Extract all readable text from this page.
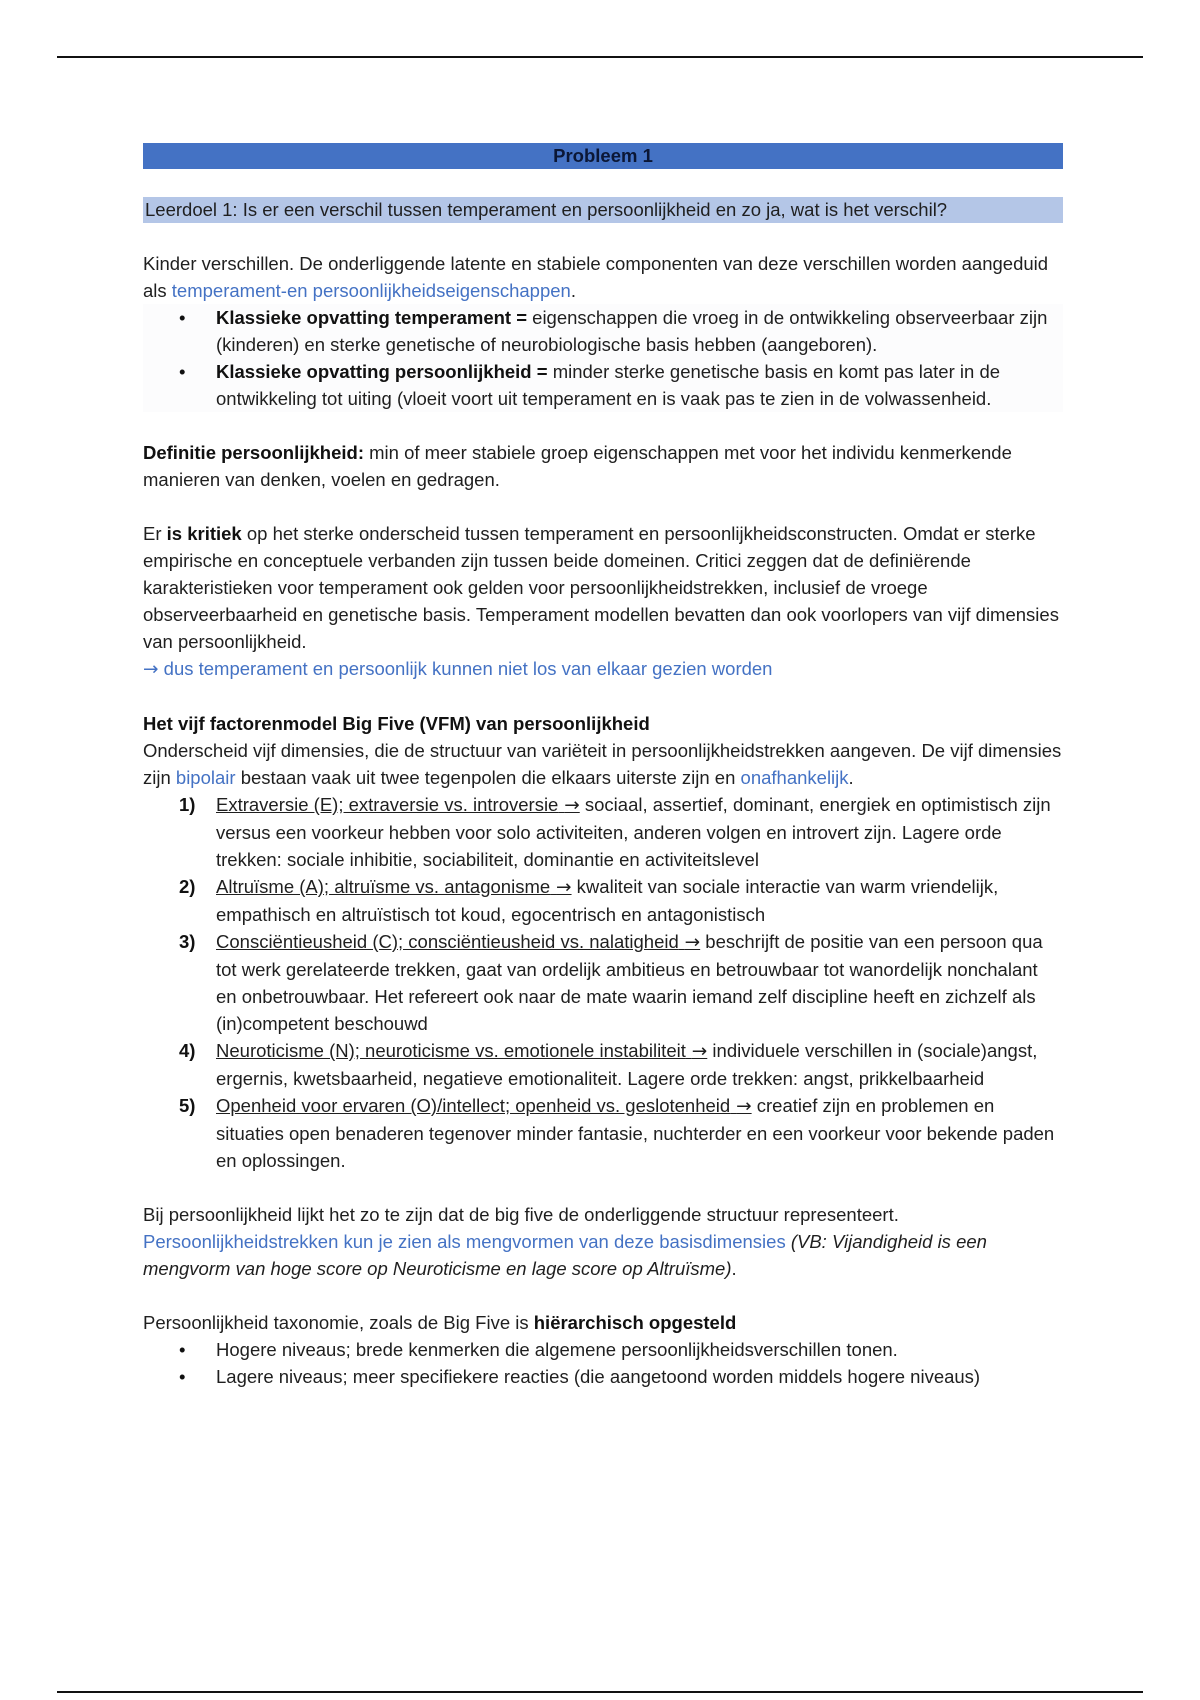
Probleem 1
Leerdoel 1: Is er een verschil tussen temperament en persoonlijkheid en zo ja, wat is het verschil?

Kinder verschillen. De onderliggende latente en stabiele componenten van deze verschillen worden aangeduid als temperament-en persoonlijkheidseigenschappen.

• Klassieke opvatting temperament = eigenschappen die vroeg in de ontwikkeling observeerbaar zijn (kinderen) en sterke genetische of neurobiologische basis hebben (aangeboren).
• Klassieke opvatting persoonlijkheid = minder sterke genetische basis en komt pas later in de ontwikkeling tot uiting (vloeit voort uit temperament en is vaak pas te zien in de volwassenheid.

Definitie persoonlijkheid: min of meer stabiele groep eigenschappen met voor het individu kenmerkende manieren van denken, voelen en gedragen.

Er is kritiek op het sterke onderscheid tussen temperament en persoonlijkheidsconstructen. Omdat er sterke empirische en conceptuele verbanden zijn tussen beide domeinen. Critici zeggen dat de definiërende karakteristieken voor temperament ook gelden voor persoonlijkheidstrekken, inclusief de vroege observeerbaarheid en genetische basis. Temperament modellen bevatten dan ook voorlopers van vijf dimensies van persoonlijkheid.

→ dus temperament en persoonlijk kunnen niet los van elkaar gezien worden

Het vijf factorenmodel Big Five (VFM) van persoonlijkheid

Onderscheid vijf dimensies, die de structuur van variëteit in persoonlijkheidstrekken aangeven. De vijf dimensies zijn bipolair bestaan vaak uit twee tegenpolen die elkaars uiterste zijn en onafhankelijk.

1) Extraversie (E); extraversie vs. introversie → sociaal, assertief, dominant, energiek en optimistisch zijn versus een voorkeur hebben voor solo activiteiten, anderen volgen en introvert zijn. Lagere orde trekken: sociale inhibitie, sociabiliteit, dominantie en activiteitslevel
2) Altruïsme (A); altruïsme vs. antagonisme → kwaliteit van sociale interactie van warm vriendelijk, empathisch en altruïstisch tot koud, egocentrisch en antagonistisch
3) Consciëntieusheid (C); consciëntieusheid vs. nalatigheid → beschrijft de positie van een persoon qua tot werk gerelateerde trekken, gaat van ordelijk ambitieus en betrouwbaar tot wanordelijk nonchalant en onbetrouwbaar. Het refereert ook naar de mate waarin iemand zelf discipline heeft en zichzelf als (in)competent beschouwd
4) Neuroticisme (N); neuroticisme vs. emotionele instabiliteit → individuele verschillen in (sociale)angst, ergernis, kwetsbaarheid, negatieve emotionaliteit. Lagere orde trekken: angst, prikkelbaarheid
5) Openheid voor ervaren (O)/intellect; openheid vs. geslotenheid → creatief zijn en problemen en situaties open benaderen tegenover minder fantasie, nuchterder en een voorkeur voor bekende paden en oplossingen.

Bij persoonlijkheid lijkt het zo te zijn dat de big five de onderliggende structuur representeert. Persoonlijkheidstrekken kun je zien als mengvormen van deze basisdimensies (VB: Vijandigheid is een mengvorm van hoge score op Neuroticisme en lage score op Altruïsme).

Persoonlijkheid taxonomie, zoals de Big Five is hiërarchisch opgesteld

• Hogere niveaus; brede kenmerken die algemene persoonlijkheidsverschillen tonen.
• Lagere niveaus; meer specifiekere reacties (die aangetoond worden middels hogere niveaus)
